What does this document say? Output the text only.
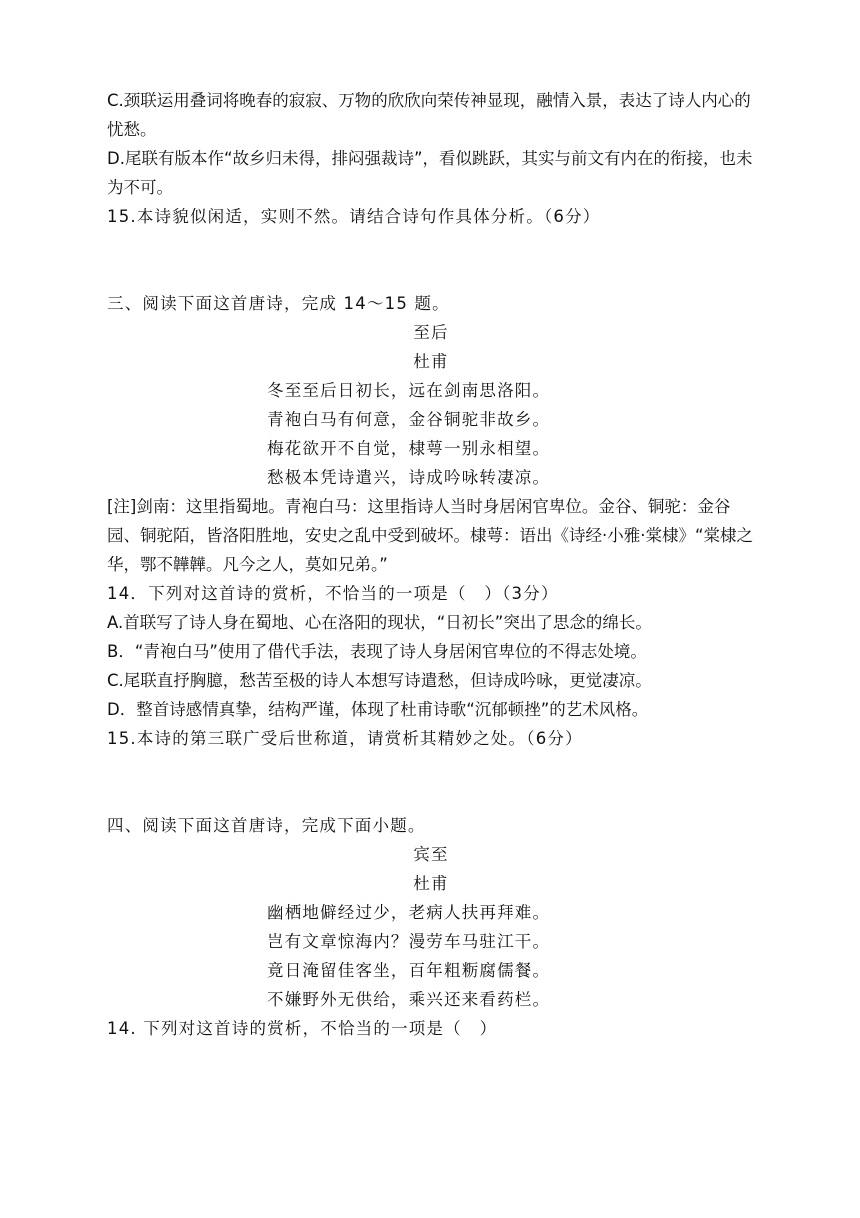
C.颈联运用叠词将晚春的寂寂、万物的欣欣向荣传神显现，融情入景，表达了诗人内心的忧愁。
D.尾联有版本作“故乡归未得，排闷强裁诗”，看似跳跃，其实与前文有内在的衔接，也未为不可。
15.本诗貌似闲适，实则不然。请结合诗句作具体分析。（6分）
三、阅读下面这首唐诗，完成 14～15 题。
至后
杜甫
冬至至后日初长，远在剑南思洛阳。
青袍白马有何意，金谷铜驼非故乡。
梅花欲开不自觉，棣萼一别永相望。
愁极本凭诗遣兴，诗成吟咏转凄凉。
[注]剑南：这里指蜀地。青袍白马：这里指诗人当时身居闲官卑位。金谷、铜驼：金谷园、铜驼陌，皆洛阳胜地，安史之乱中受到破坏。棣萼：语出《诗经·小雅·棠棣》“棠棣之华，鄂不韡韡。凡今之人，莫如兄弟。”
14．下列对这首诗的赏析，不恰当的一项是（　）（3分）
A.首联写了诗人身在蜀地、心在洛阳的现状，“日初长”突出了思念的绵长。
B．“青袍白马”使用了借代手法，表现了诗人身居闲官卑位的不得志处境。
C.尾联直抒胸臆，愁苦至极的诗人本想写诗遣愁，但诗成吟咏，更觉凄凉。
D．整首诗感情真挚，结构严谨，体现了杜甫诗歌“沉郁顿挫”的艺术风格。
15.本诗的第三联广受后世称道，请赏析其精妙之处。（6分）
四、阅读下面这首唐诗，完成下面小题。
宾至
杜甫
幽栖地僻经过少，老病人扶再拜难。
岂有文章惊海内？漫劳车马驻江干。
竟日淹留佳客坐，百年粗粝腐儒餐。
不嫌野外无供给，乘兴还来看药栏。
14. 下列对这首诗的赏析，不恰当的一项是（　）
